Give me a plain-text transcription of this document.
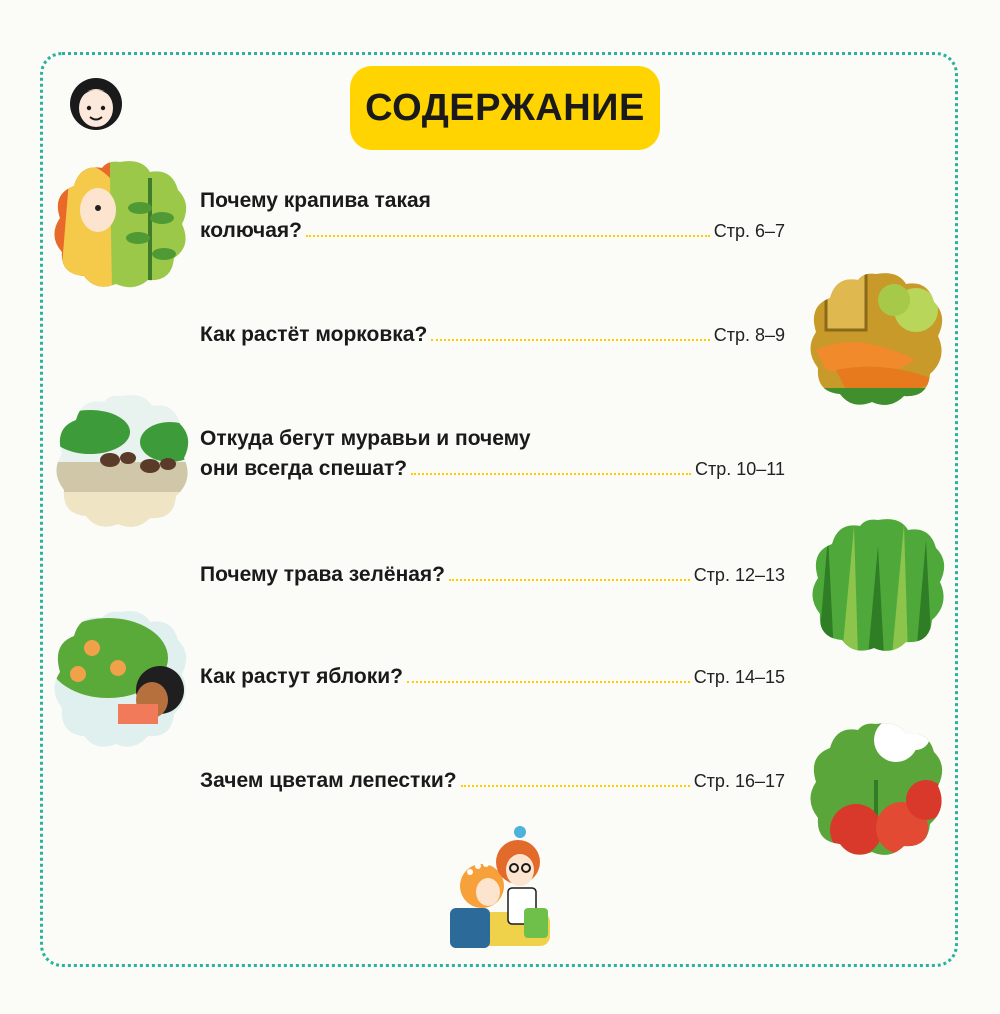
СОДЕРЖАНИЕ
Почему крапива такая
колючая?	Стр. 6–7
Как растёт морковка?	Стр. 8–9
Откуда бегут муравьи и почему
они всегда спешат?	Стр. 10–11
Почему трава зелёная?	Стр. 12–13
Как растут яблоки?	Стр. 14–15
Зачем цветам лепестки?	Стр. 16–17
